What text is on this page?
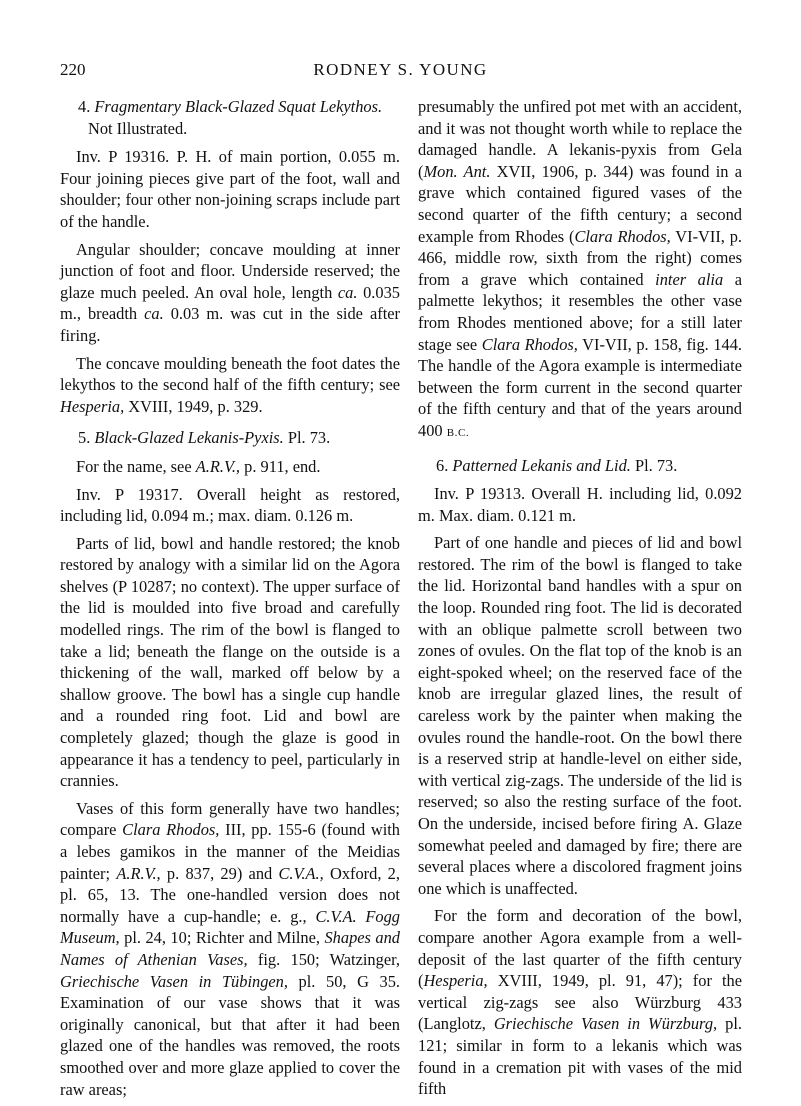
220	RODNEY S. YOUNG
4. Fragmentary Black-Glazed Squat Lekythos.
Not Illustrated.

Inv. P 19316. P. H. of main portion, 0.055 m. Four joining pieces give part of the foot, wall and shoulder; four other non-joining scraps include part of the handle.

Angular shoulder; concave moulding at inner junction of foot and floor. Underside reserved; the glaze much peeled. An oval hole, length ca. 0.035 m., breadth ca. 0.03 m. was cut in the side after firing.

The concave moulding beneath the foot dates the lekythos to the second half of the fifth century; see Hesperia, XVIII, 1949, p. 329.

5. Black-Glazed Lekanis-Pyxis. Pl. 73.

For the name, see A.R.V., p. 911, end.

Inv. P 19317. Overall height as restored, including lid, 0.094 m.; max. diam. 0.126 m.

Parts of lid, bowl and handle restored; the knob restored by analogy with a similar lid on the Agora shelves (P 10287; no context). The upper surface of the lid is moulded into five broad and carefully modelled rings. The rim of the bowl is flanged to take a lid; beneath the flange on the outside is a thickening of the wall, marked off below by a shallow groove. The bowl has a single cup handle and a rounded ring foot. Lid and bowl are completely glazed; though the glaze is good in appearance it has a tendency to peel, particularly in crannies.

Vases of this form generally have two handles; compare Clara Rhodos, III, pp. 155-6 (found with a lebes gamikos in the manner of the Meidias painter; A.R.V., p. 837, 29) and C.V.A., Oxford, 2, pl. 65, 13. The one-handled version does not normally have a cup-handle; e. g., C.V.A. Fogg Museum, pl. 24, 10; Richter and Milne, Shapes and Names of Athenian Vases, fig. 150; Watzinger, Griechische Vasen in Tübingen, pl. 50, G 35. Examination of our vase shows that it was originally canonical, but that after it had been glazed one of the handles was removed, the roots smoothed over and more glaze applied to cover the raw areas;

presumably the unfired pot met with an accident, and it was not thought worth while to replace the damaged handle. A lekanis-pyxis from Gela (Mon. Ant. XVII, 1906, p. 344) was found in a grave which contained figured vases of the second quarter of the fifth century; a second example from Rhodes (Clara Rhodos, VI-VII, p. 466, middle row, sixth from the right) comes from a grave which contained inter alia a palmette lekythos; it resembles the other vase from Rhodes mentioned above; for a still later stage see Clara Rhodos, VI-VII, p. 158, fig. 144. The handle of the Agora example is intermediate between the form current in the second quarter of the fifth century and that of the years around 400 B.C.

6. Patterned Lekanis and Lid. Pl. 73.

Inv. P 19313. Overall H. including lid, 0.092 m. Max. diam. 0.121 m.

Part of one handle and pieces of lid and bowl restored. The rim of the bowl is flanged to take the lid. Horizontal band handles with a spur on the loop. Rounded ring foot. The lid is decorated with an oblique palmette scroll between two zones of ovules. On the flat top of the knob is an eight-spoked wheel; on the reserved face of the knob are irregular glazed lines, the result of careless work by the painter when making the ovules round the handle-root. On the bowl there is a reserved strip at handle-level on either side, with vertical zig-zags. The underside of the lid is reserved; so also the resting surface of the foot. On the underside, incised before firing Α. Glaze somewhat peeled and damaged by fire; there are several places where a discolored fragment joins one which is unaffected.

For the form and decoration of the bowl, compare another Agora example from a well-deposit of the last quarter of the fifth century (Hesperia, XVIII, 1949, pl. 91, 47); for the vertical zig-zags see also Würzburg 433 (Langlotz, Griechische Vasen in Würzburg, pl. 121; similar in form to a lekanis which was found in a cremation pit with vases of the mid fifth
